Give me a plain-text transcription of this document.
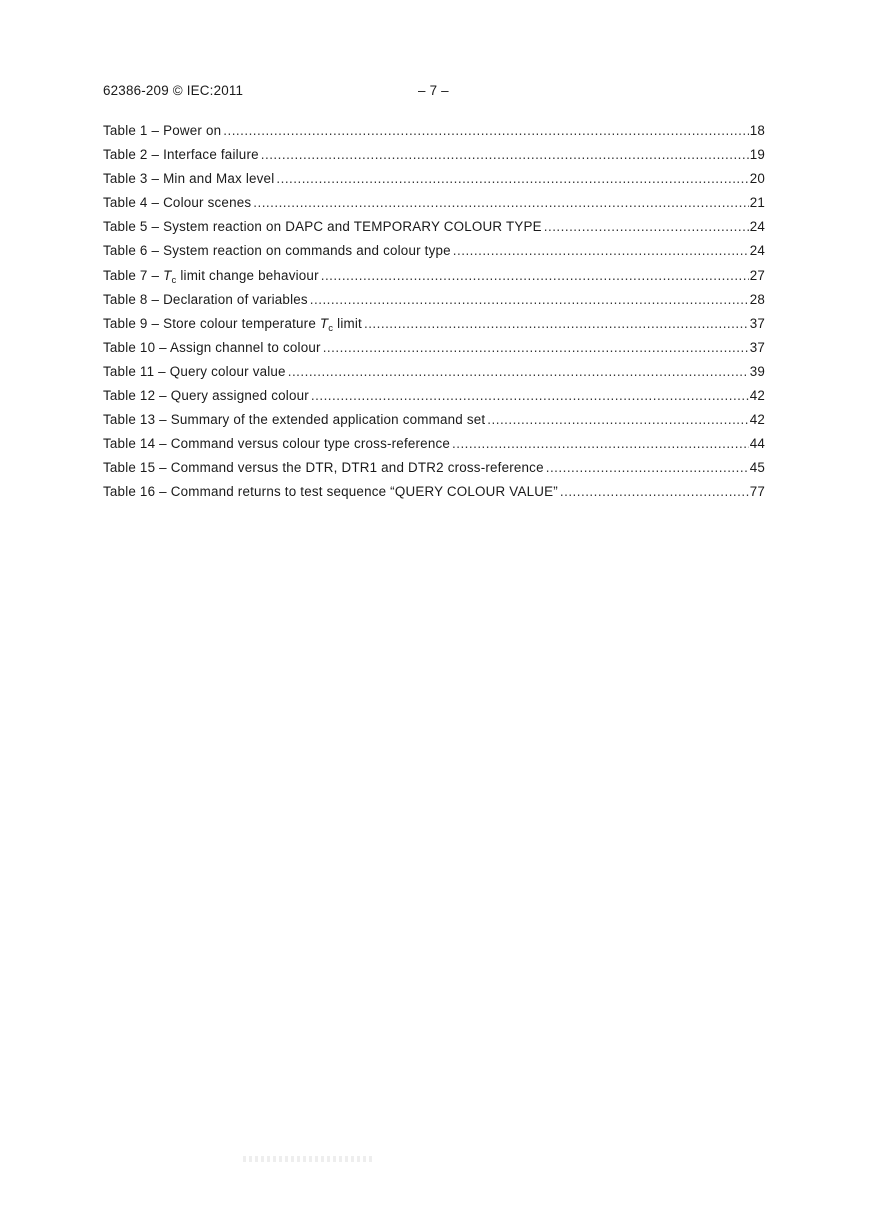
62386-209 © IEC:2011	– 7 –
Table 1 – Power on .....	18
Table 2 – Interface failure .....	19
Table 3 – Min and Max level .....	20
Table 4 – Colour scenes .....	21
Table 5 – System reaction on DAPC and TEMPORARY COLOUR TYPE .....	24
Table 6 – System reaction on commands and colour type .....	24
Table $7 - T_c$ limit change behaviour .....	27
Table 8 – Declaration of variables .....	28
Table 9 – Store colour temperature $T_c$ limit .....	37
Table 10 – Assign channel to colour .....	37
Table 11 – Query colour value .....	39
Table 12 – Query assigned colour .....	42
Table 13 – Summary of the extended application command set .....	42
Table 14 – Command versus colour type cross-reference .....	44
Table 15 – Command versus the DTR, DTR1 and DTR2 cross-reference .....	45
Table 16 – Command returns to test sequence “QUERY COLOUR VALUE” .....	77
